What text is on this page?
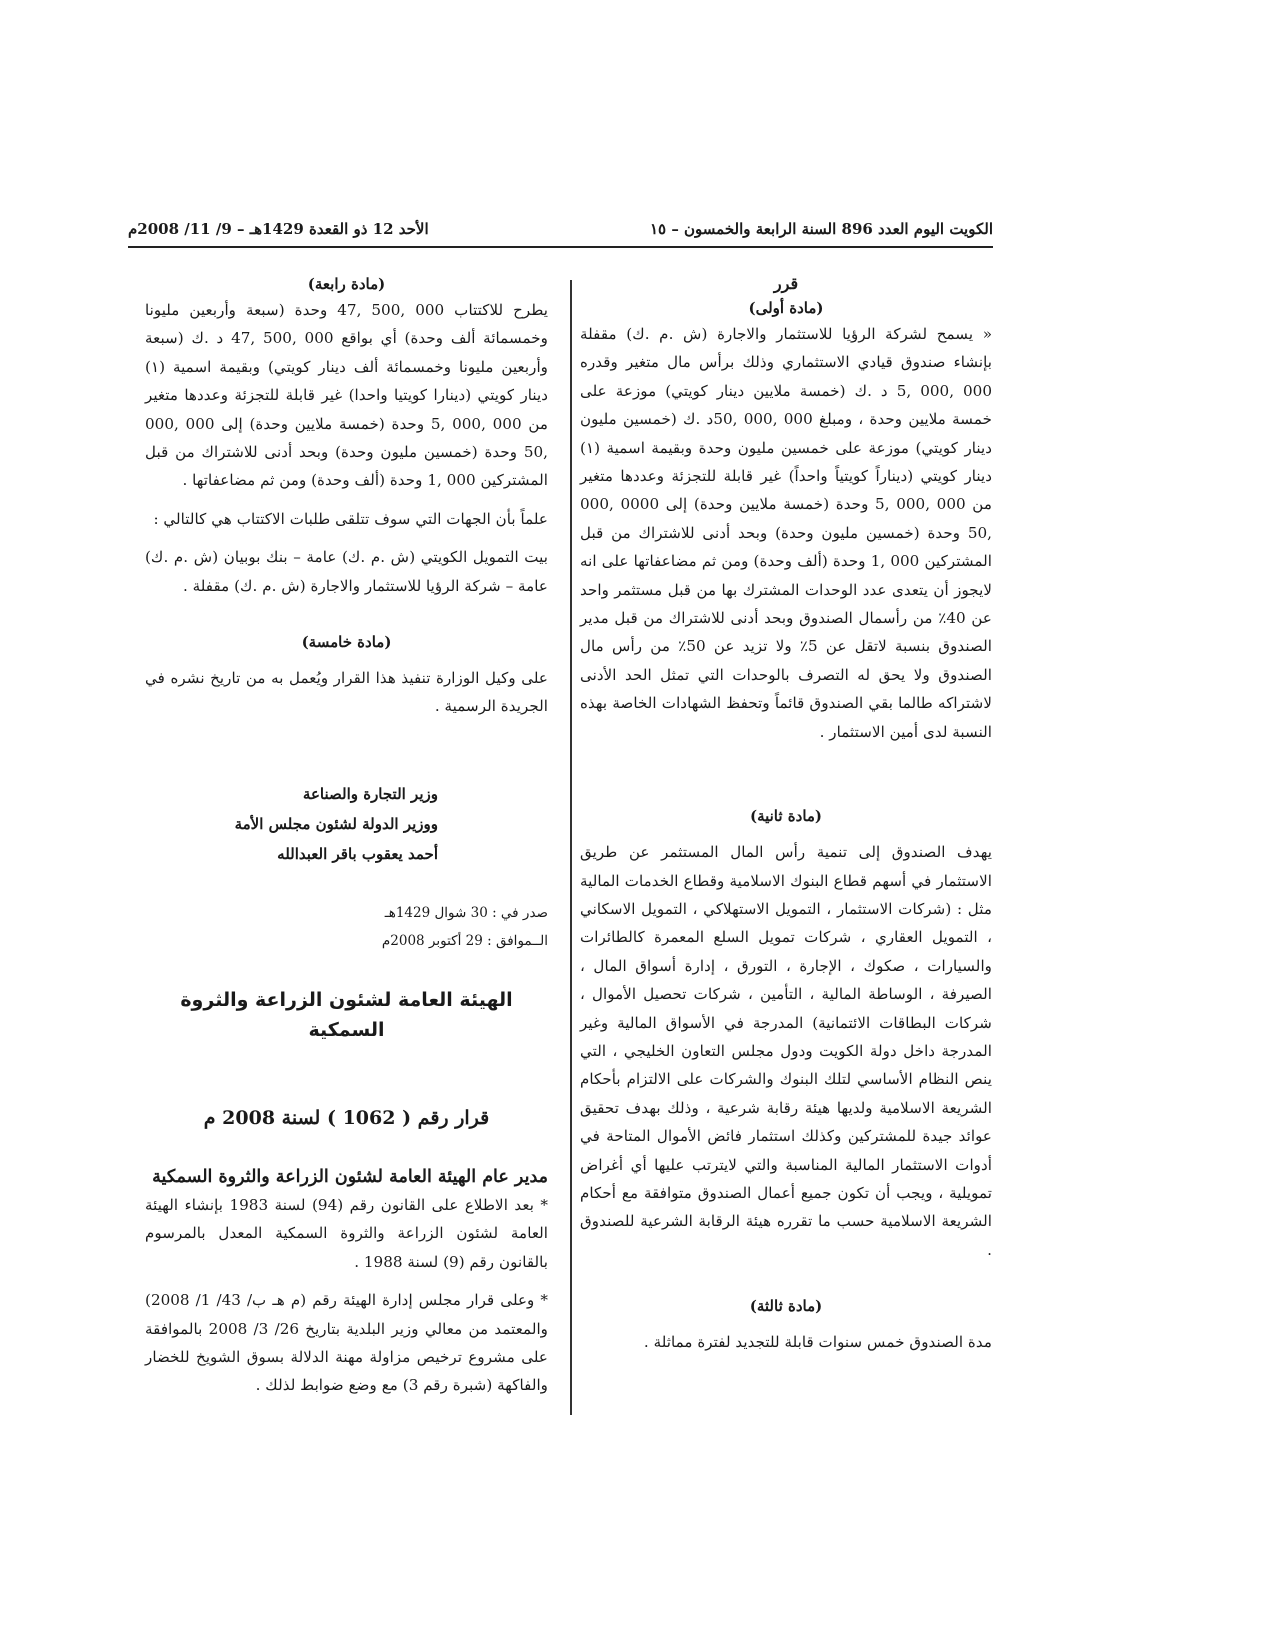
الكويت اليوم العدد 896 السنة الرابعة والخمسون – ١٥
الأحد 12 ذو القعدة 1429هـ – 9/ 11/ 2008م

قرر

(مادة أولى)

« يسمح لشركة الرؤيا للاستثمار والاجارة (ش .م .ك) مقفلة بإنشاء صندوق قيادي الاستثماري وذلك برأس مال متغير وقدره 000 ,000 ,5 د .ك (خمسة ملايين دينار كويتي) موزعة على خمسة ملايين وحدة ، ومبلغ 000 ,000 ,50د .ك (خمسين مليون دينار كويتي) موزعة على خمسين مليون وحدة وبقيمة اسمية (١) دينار كويتي (ديناراً كويتياً واحداً) غير قابلة للتجزئة وعددها متغير من 000 ,000 ,5 وحدة (خمسة ملايين وحدة) إلى 0000 ,000 ,50 وحدة (خمسين مليون وحدة) وبحد أدنى للاشتراك من قبل المشتركين 000 ,1 وحدة (ألف وحدة) ومن ثم مضاعفاتها على انه لايجوز أن يتعدى عدد الوحدات المشترك بها من قبل مستثمر واحد عن 40٪ من رأسمال الصندوق وبحد أدنى للاشتراك من قبل مدير الصندوق بنسبة لاتقل عن 5٪ ولا تزيد عن 50٪ من رأس مال الصندوق ولا يحق له التصرف بالوحدات التي تمثل الحد الأدنى لاشتراكه طالما بقي الصندوق قائماً وتحفظ الشهادات الخاصة بهذه النسبة لدى أمين الاستثمار .

(مادة ثانية)

يهدف الصندوق إلى تنمية رأس المال المستثمر عن طريق الاستثمار في أسهم قطاع البنوك الاسلامية وقطاع الخدمات المالية مثل : (شركات الاستثمار ، التمويل الاستهلاكي ، التمويل الاسكاني ، التمويل العقاري ، شركات تمويل السلع المعمرة كالطائرات والسيارات ، صكوك ، الإجارة ، التورق ، إدارة أسواق المال ، الصيرفة ، الوساطة المالية ، التأمين ، شركات تحصيل الأموال ، شركات البطاقات الائتمانية) المدرجة في الأسواق المالية وغير المدرجة داخل دولة الكويت ودول مجلس التعاون الخليجي ، التي ينص النظام الأساسي لتلك البنوك والشركات على الالتزام بأحكام الشريعة الاسلامية ولديها هيئة رقابة شرعية ، وذلك بهدف تحقيق عوائد جيدة للمشتركين وكذلك استثمار فائض الأموال المتاحة في أدوات الاستثمار المالية المناسبة والتي لايترتب عليها أي أغراض تمويلية ، ويجب أن تكون جميع أعمال الصندوق متوافقة مع أحكام الشريعة الاسلامية حسب ما تقرره هيئة الرقابة الشرعية للصندوق .

(مادة ثالثة)

مدة الصندوق خمس سنوات قابلة للتجديد لفترة مماثلة .

(مادة رابعة)

يطرح للاكتتاب 000 ,500 ,47 وحدة (سبعة وأربعين مليونا وخمسمائة ألف وحدة) أي بواقع 000 ,500 ,47 د .ك (سبعة وأربعين مليونا وخمسمائة ألف دينار كويتي) وبقيمة اسمية (١) دينار كويتي (دينارا كويتيا واحدا) غير قابلة للتجزئة وعددها متغير من 000 ,000 ,5 وحدة (خمسة ملايين وحدة) إلى 000 ,000 ,50 وحدة (خمسين مليون وحدة) وبحد أدنى للاشتراك من قبل المشتركين 000 ,1 وحدة (ألف وحدة) ومن ثم مضاعفاتها .

علماً بأن الجهات التي سوف تتلقى طلبات الاكتتاب هي كالتالي :

بيت التمويل الكويتي (ش .م .ك) عامة – بنك بوبيان (ش .م .ك) عامة – شركة الرؤيا للاستثمار والاجارة (ش .م .ك) مقفلة .

(مادة خامسة)

على وكيل الوزارة تنفيذ هذا القرار ويُعمل به من تاريخ نشره في الجريدة الرسمية .

وزير التجارة والصناعة
ووزير الدولة لشئون مجلس الأمة
أحمد يعقوب باقر العبدالله
صدر في : 30 شوال 1429هـ
الــموافق : 29 أكتوبر 2008م
الهيئة العامة لشئون الزراعة والثروة السمكية
قرار رقم ( 1062 ) لسنة 2008 م
مدير عام الهيئة العامة لشئون الزراعة والثروة السمكية

* بعد الاطلاع على القانون رقم (94) لسنة 1983 بإنشاء الهيئة العامة لشئون الزراعة والثروة السمكية المعدل بالمرسوم بالقانون رقم (9) لسنة 1988 .

* وعلى قرار مجلس إدارة الهيئة رقم (م هـ ب/ 43/ 1/ 2008) والمعتمد من معالي وزير البلدية بتاريخ 26/ 3/ 2008 بالموافقة على مشروع ترخيص مزاولة مهنة الدلالة بسوق الشويخ للخضار والفاكهة (شبرة رقم 3) مع وضع ضوابط لذلك .
